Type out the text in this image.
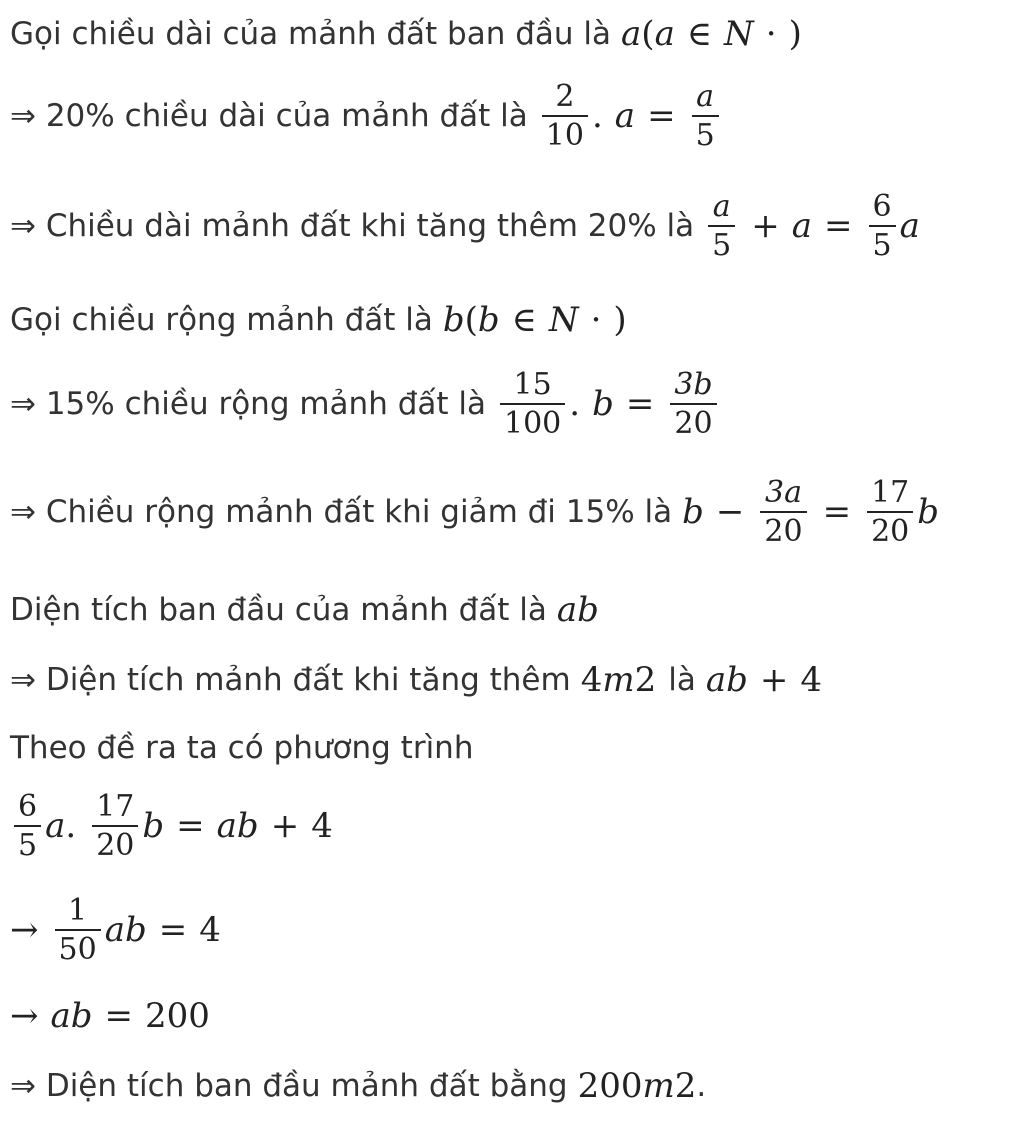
Gọi chiều dài của mảnh đất ban đầu là a ( a ∈ N · )
⇒ 20% chiều dài của mảnh đất là $\frac{2}{10}$ . $a = \frac{a}{5}$
⇒ Chiều dài mảnh đất khi tăng thêm 20% là $\frac{a}{5} + a = \frac{6}{5}$ a
Gọi chiều rộng mảnh đất là b ( b ∈ N · )
⇒ 15% chiều rộng mảnh đất là $\frac{15}{100}$ . $b = \frac{3b}{20}$
⇒ Chiều rộng mảnh đất khi giảm đi 15% là $b - \frac{3a}{20} = \frac{17}{20}$ b
Diện tích ban đầu của mảnh đất là ab
⇒ Diện tích mảnh đất khi tăng thêm 4 m 2 là ab + 4
Theo đề ra ta có phương trình
$\frac{6}{5}$ a . $\frac{17}{20}$ b = ab + 4
→ $\frac{1}{50}$ ab = 4
→ ab = 200
⇒ Diện tích ban đầu mảnh đất bằng 200 m 2 .
